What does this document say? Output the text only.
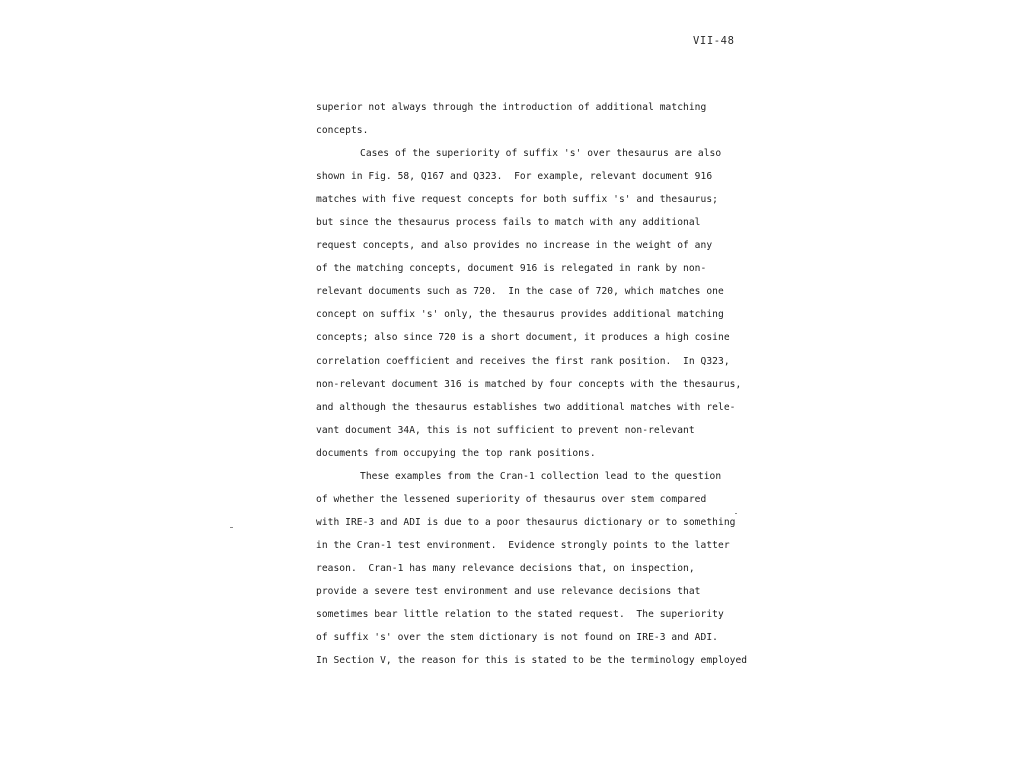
VII-48
superior not always through the introduction of additional matching
concepts.
Cases of the superiority of suffix 's' over thesaurus are also
shown in Fig. 58, Q167 and Q323.  For example, relevant document 916
matches with five request concepts for both suffix 's' and thesaurus;
but since the thesaurus process fails to match with any additional
request concepts, and also provides no increase in the weight of any
of the matching concepts, document 916 is relegated in rank by non-
relevant documents such as 720.  In the case of 720, which matches one
concept on suffix 's' only, the thesaurus provides additional matching
concepts; also since 720 is a short document, it produces a high cosine
correlation coefficient and receives the first rank position.  In Q323,
non-relevant document 316 is matched by four concepts with the thesaurus,
and although the thesaurus establishes two additional matches with rele-
vant document 34A, this is not sufficient to prevent non-relevant
documents from occupying the top rank positions.
These examples from the Cran-1 collection lead to the question
of whether the lessened superiority of thesaurus over stem compared
with IRE-3 and ADI is due to a poor thesaurus dictionary or to something
in the Cran-1 test environment.  Evidence strongly points to the latter
reason.  Cran-1 has many relevance decisions that, on inspection,
provide a severe test environment and use relevance decisions that
sometimes bear little relation to the stated request.  The superiority
of suffix 's' over the stem dictionary is not found on IRE-3 and ADI.
In Section V, the reason for this is stated to be the terminology employed
